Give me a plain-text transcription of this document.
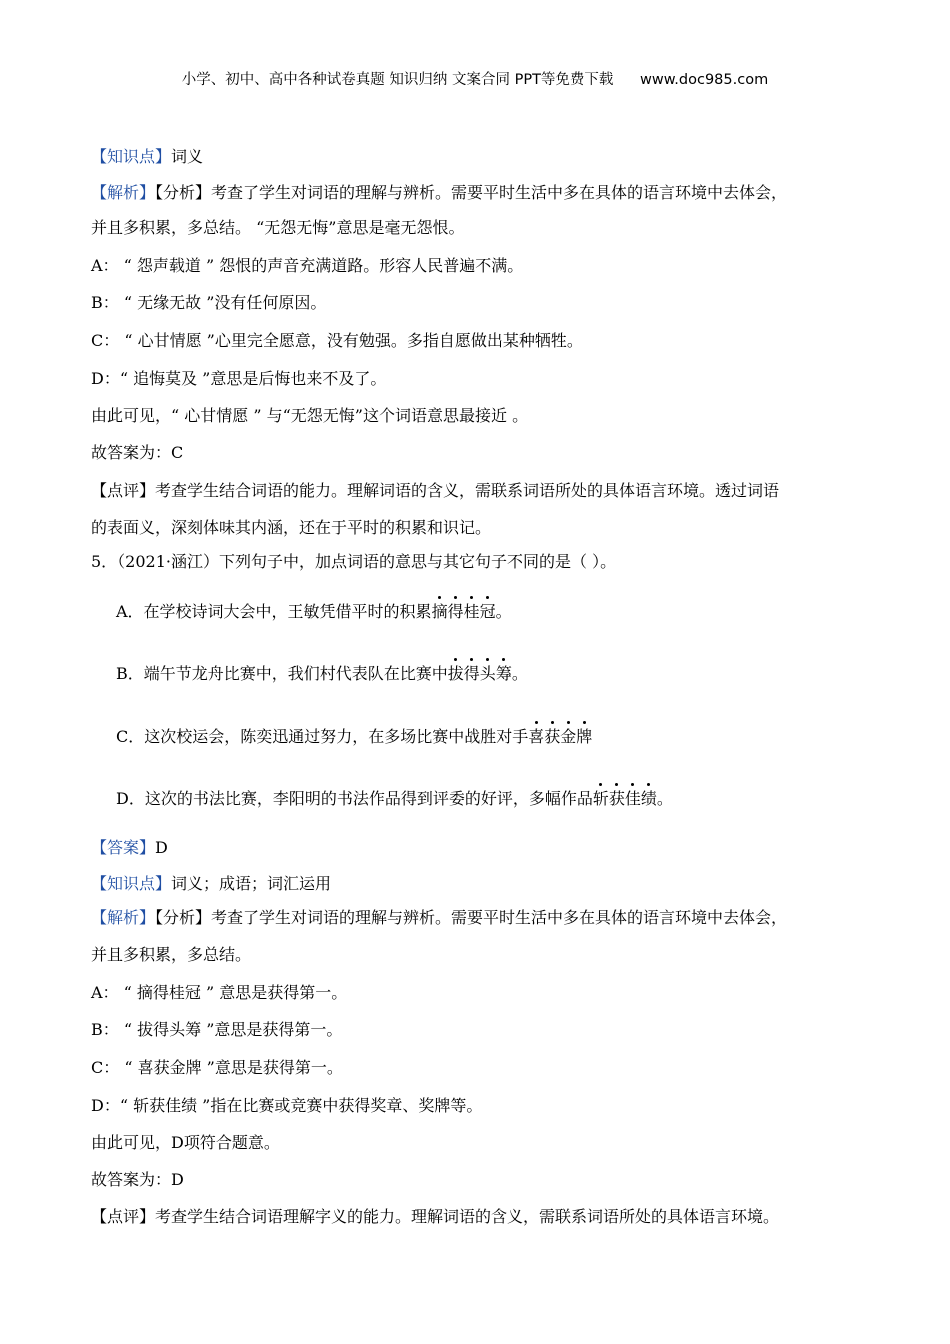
小学、初中、高中各种试卷真题 知识归纳 文案合同 PPT等免费下载 www.doc985.com
【知识点】词义
【解析】【分析】考查了学生对词语的理解与辨析。需要平时生活中多在具体的语言环境中去体会，
并且多积累，多总结。 “无怨无悔”意思是毫无怨恨。
A： “ 怨声载道 ” 怨恨的声音充满道路。形容人民普遍不满。
B： “ 无缘无故 ”没有任何原因。
C： “ 心甘情愿 ”心里完全愿意，没有勉强。多指自愿做出某种牺牲。
D：“ 追悔莫及 ”意思是后悔也来不及了。
由此可见，“ 心甘情愿 ” 与“无怨无悔”这个词语意思最接近 。
故答案为：C
【点评】考查学生结合词语的能力。理解词语的含义，需联系词语所处的具体语言环境。透过词语
的表面义，深刻体味其内涵，还在于平时的积累和识记。
5．（2021·涵江）下列句子中，加点词语的意思与其它句子不同的是（ ）。
A．在学校诗词大会中，王敏凭借平时的积累摘得桂冠。
B．端午节龙舟比赛中，我们村代表队在比赛中拔得头筹。
C．这次校运会，陈奕迅通过努力，在多场比赛中战胜对手喜获金牌
D．这次的书法比赛，李阳明的书法作品得到评委的好评，多幅作品斩获佳绩。
【答案】D
【知识点】词义；成语；词汇运用
【解析】【分析】考查了学生对词语的理解与辨析。需要平时生活中多在具体的语言环境中去体会，
并且多积累，多总结。
A： “ 摘得桂冠 ” 意思是获得第一。
B： “ 拔得头筹 ”意思是获得第一。
C： “ 喜获金牌 ”意思是获得第一。
D：“ 斩获佳绩 ”指在比赛或竞赛中获得奖章、奖牌等。
由此可见，D项符合题意。
故答案为：D
【点评】考查学生结合词语理解字义的能力。理解词语的含义，需联系词语所处的具体语言环境。
